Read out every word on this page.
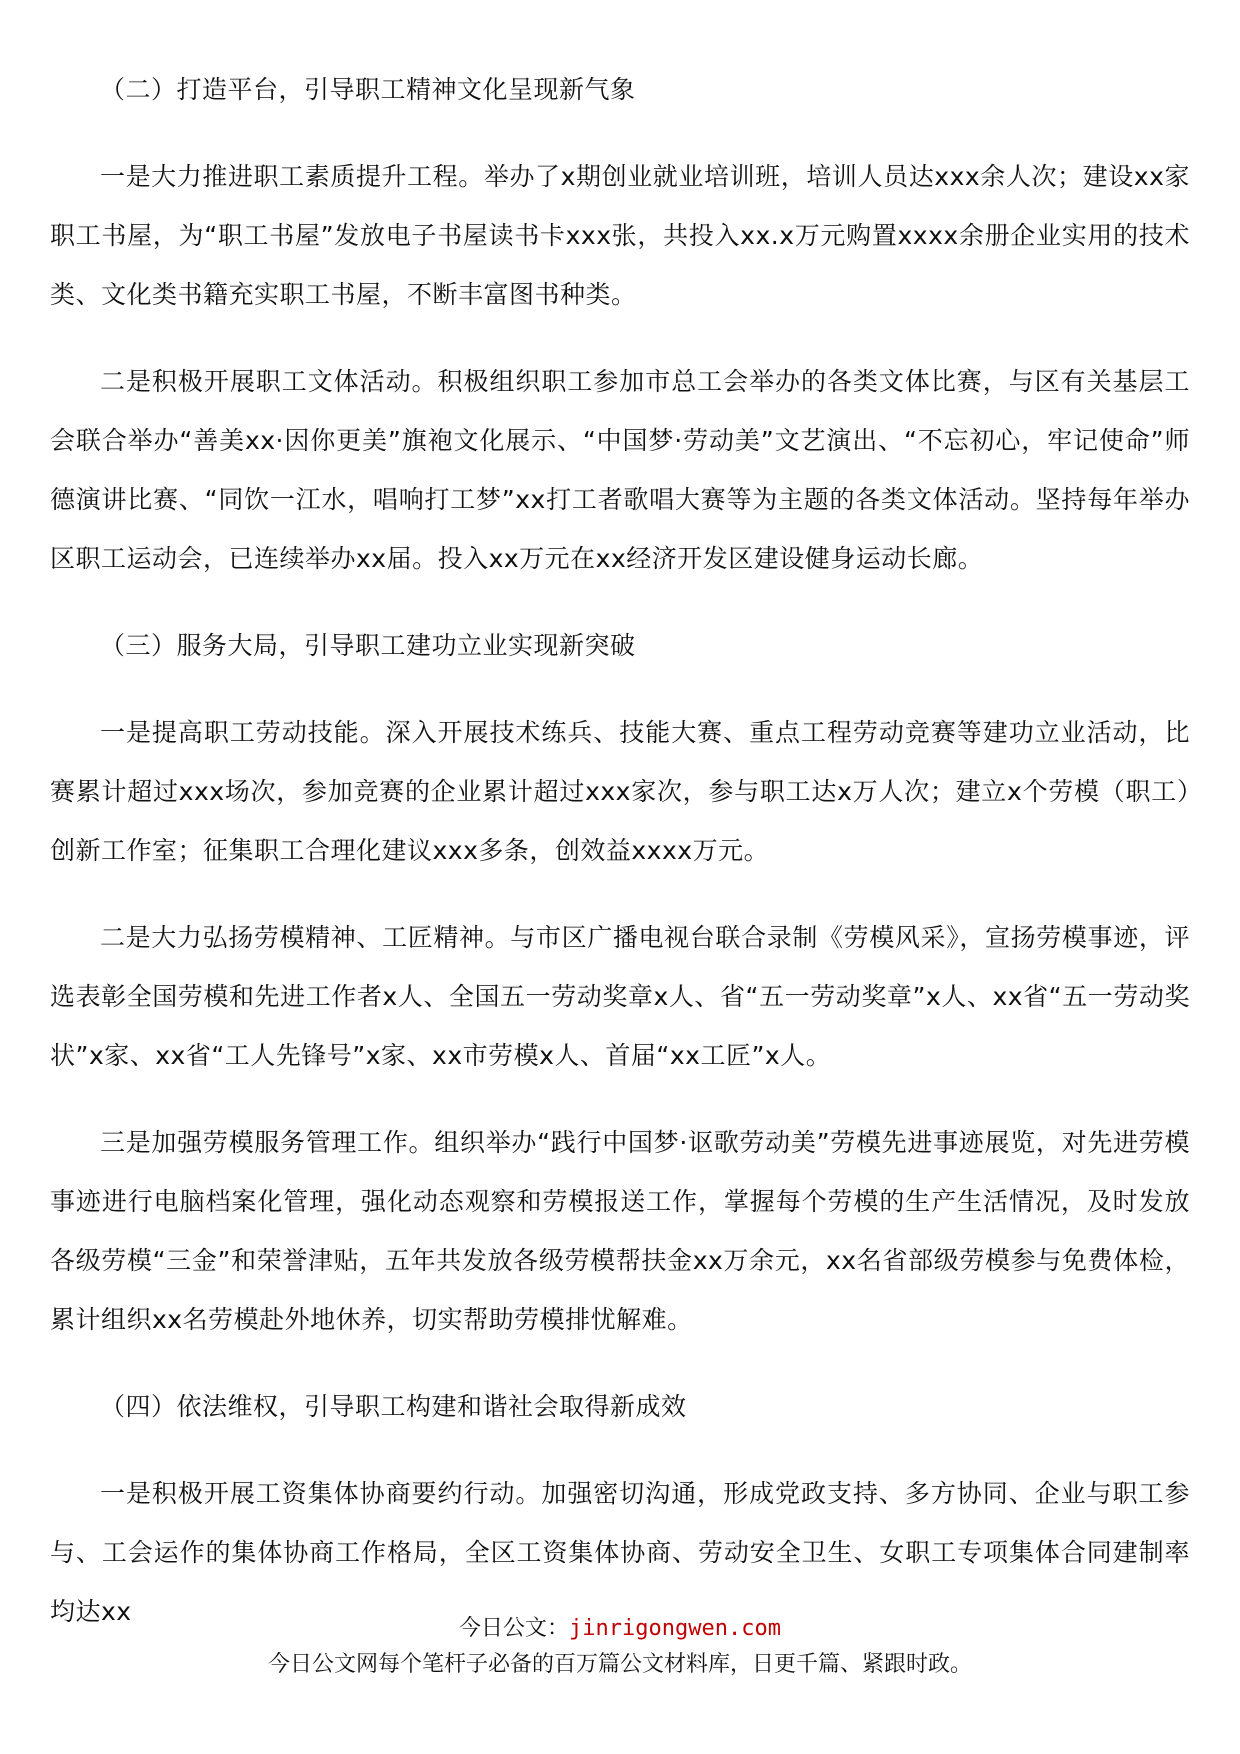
（二）打造平台，引导职工精神文化呈现新气象

一是大力推进职工素质提升工程。举办了x期创业就业培训班，培训人员达xxx余人次；建设xx家职工书屋，为“职工书屋”发放电子书屋读书卡xxx张，共投入xx.x万元购置xxxx余册企业实用的技术类、文化类书籍充实职工书屋，不断丰富图书种类。

二是积极开展职工文体活动。积极组织职工参加市总工会举办的各类文体比赛，与区有关基层工会联合举办“善美xx·因你更美”旗袍文化展示、“中国梦·劳动美”文艺演出、“不忘初心，牢记使命”师德演讲比赛、“同饮一江水，唱响打工梦”xx打工者歌唱大赛等为主题的各类文体活动。坚持每年举办区职工运动会，已连续举办xx届。投入xx万元在xx经济开发区建设健身运动长廊。

（三）服务大局，引导职工建功立业实现新突破

一是提高职工劳动技能。深入开展技术练兵、技能大赛、重点工程劳动竞赛等建功立业活动，比赛累计超过xxx场次，参加竞赛的企业累计超过xxx家次，参与职工达x万人次；建立x个劳模（职工）创新工作室；征集职工合理化建议xxx多条，创效益xxxx万元。

二是大力弘扬劳模精神、工匠精神。与市区广播电视台联合录制《劳模风采》，宣扬劳模事迹，评选表彰全国劳模和先进工作者x人、全国五一劳动奖章x人、省“五一劳动奖章”x人、xx省“五一劳动奖状”x家、xx省“工人先锋号”x家、xx市劳模x人、首届“xx工匠”x人。

三是加强劳模服务管理工作。组织举办“践行中国梦·讴歌劳动美”劳模先进事迹展览，对先进劳模事迹进行电脑档案化管理，强化动态观察和劳模报送工作，掌握每个劳模的生产生活情况，及时发放各级劳模“三金”和荣誉津贴，五年共发放各级劳模帮扶金xx万余元，xx名省部级劳模参与免费体检，累计组织xx名劳模赴外地休养，切实帮助劳模排忧解难。

（四）依法维权，引导职工构建和谐社会取得新成效

一是积极开展工资集体协商要约行动。加强密切沟通，形成党政支持、多方协同、企业与职工参与、工会运作的集体协商工作格局，全区工资集体协商、劳动安全卫生、女职工专项集体合同建制率均达xx

今日公文：jinrigongwen.com
今日公文网每个笔杆子必备的百万篇公文材料库，日更千篇、紧跟时政。
